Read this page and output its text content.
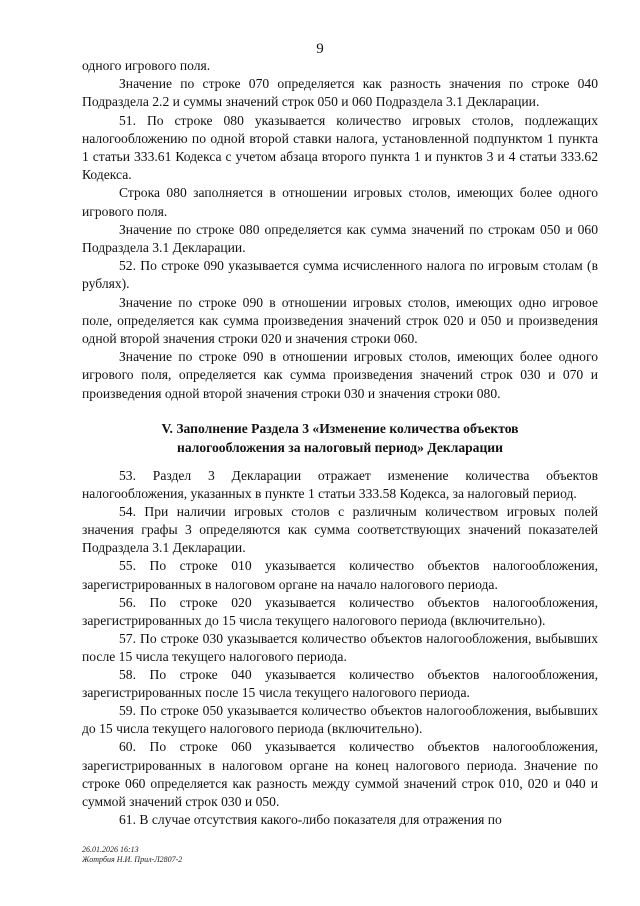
9

одного игрового поля.

Значение по строке 070 определяется как разность значения по строке 040 Подраздела 2.2 и суммы значений строк 050 и 060 Подраздела 3.1 Декларации.

51. По строке 080 указывается количество игровых столов, подлежащих налогообложению по одной второй ставки налога, установленной подпунктом 1 пункта 1 статьи 333.61 Кодекса с учетом абзаца второго пункта 1 и пунктов 3 и 4 статьи 333.62 Кодекса.

Строка 080 заполняется в отношении игровых столов, имеющих более одного игрового поля.

Значение по строке 080 определяется как сумма значений по строкам 050 и 060 Подраздела 3.1 Декларации.

52. По строке 090 указывается сумма исчисленного налога по игровым столам (в рублях).

Значение по строке 090 в отношении игровых столов, имеющих одно игровое поле, определяется как сумма произведения значений строк 020 и 050 и произведения одной второй значения строки 020 и значения строки 060.

Значение по строке 090 в отношении игровых столов, имеющих более одного игрового поля, определяется как сумма произведения значений строк 030 и 070 и произведения одной второй значения строки 030 и значения строки 080.

V. Заполнение Раздела 3 «Изменение количества объектов
налогообложения за налоговый период» Декларации

53. Раздел 3 Декларации отражает изменение количества объектов налогообложения, указанных в пункте 1 статьи 333.58 Кодекса, за налоговый период.

54. При наличии игровых столов с различным количеством игровых полей значения графы 3 определяются как сумма соответствующих значений показателей Подраздела 3.1 Декларации.

55. По строке 010 указывается количество объектов налогообложения, зарегистрированных в налоговом органе на начало налогового периода.

56. По строке 020 указывается количество объектов налогообложения, зарегистрированных до 15 числа текущего налогового периода (включительно).

57. По строке 030 указывается количество объектов налогообложения, выбывших после 15 числа текущего налогового периода.

58. По строке 040 указывается количество объектов налогообложения, зарегистрированных после 15 числа текущего налогового периода.

59. По строке 050 указывается количество объектов налогообложения, выбывших до 15 числа текущего налогового периода (включительно).

60. По строке 060 указывается количество объектов налогообложения, зарегистрированных в налоговом органе на конец налогового периода. Значение по строке 060 определяется как разность между суммой значений строк 010, 020 и 040 и суммой значений строк 030 и 050.

61. В случае отсутствия какого-либо показателя для отражения по

26.01.2026 16:13
Жотрбия Н.И. Прил-Л2807-2
